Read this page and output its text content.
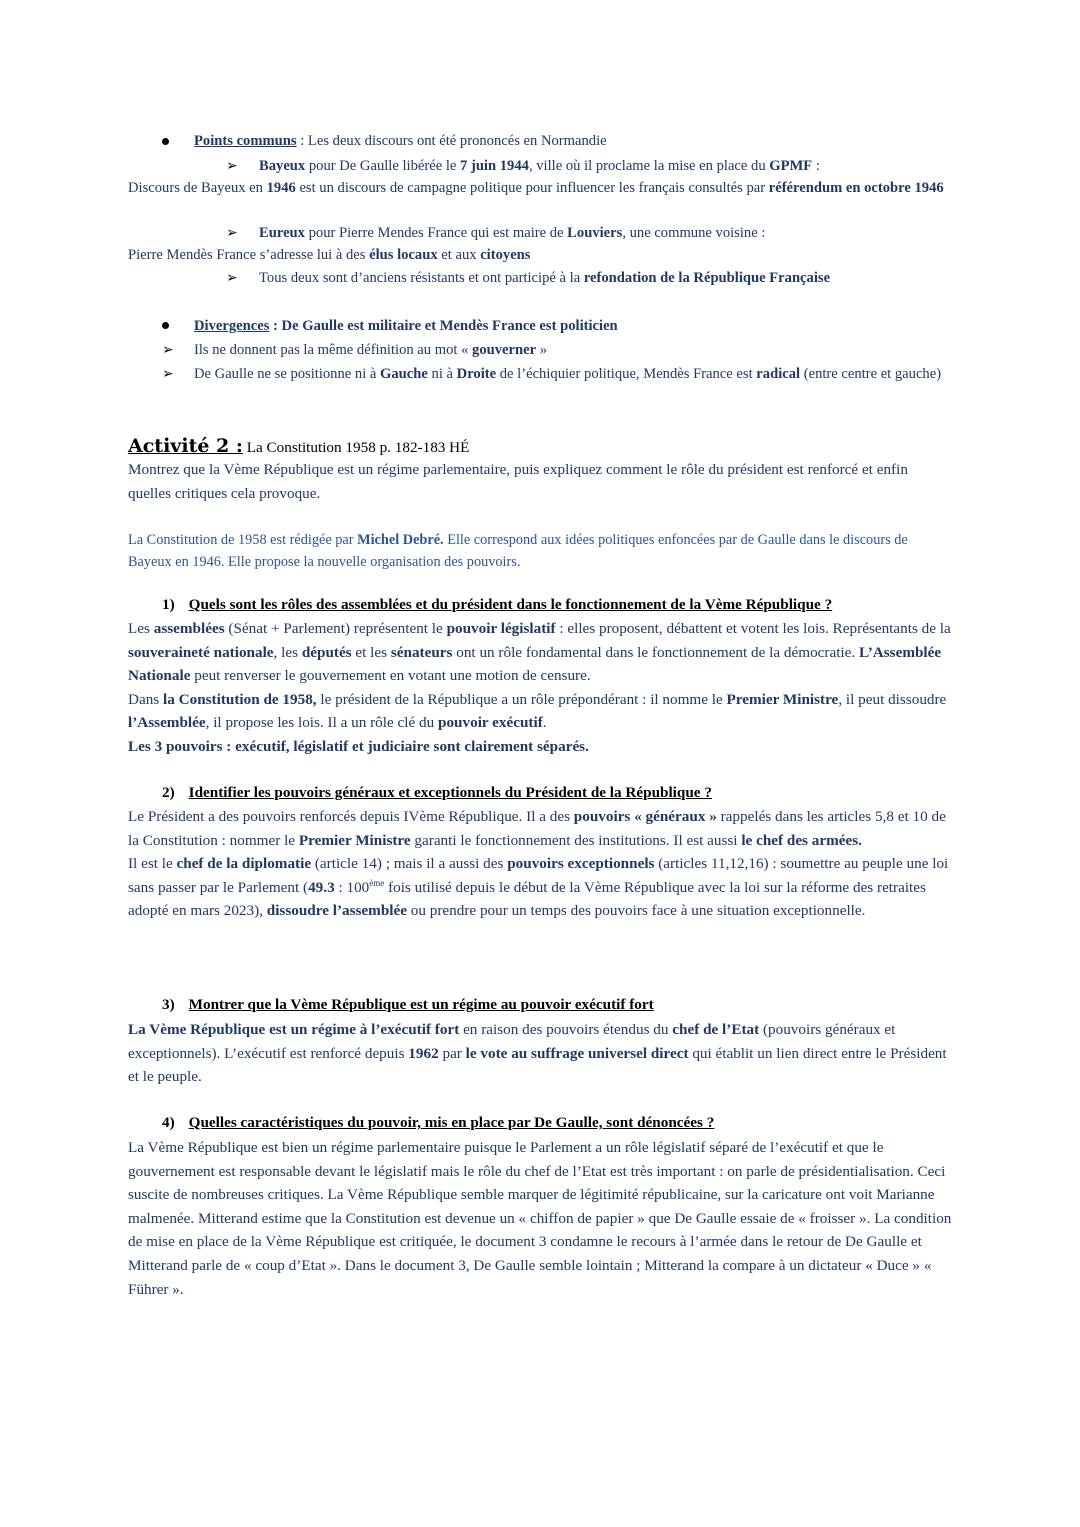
Points communs : Les deux discours ont été prononcés en Normandie
➢ Bayeux pour De Gaulle libérée le 7 juin 1944, ville où il proclame la mise en place du GPMF :
Discours de Bayeux en 1946 est un discours de campagne politique pour influencer les français consultés par référendum en octobre 1946
➢ Eureux pour Pierre Mendes France qui est maire de Louviers, une commune voisine :
Pierre Mendès France s’adresse lui à des élus locaux et aux citoyens
➢ Tous deux sont d’anciens résistants et ont participé à la refondation de la République Française
Divergences : De Gaulle est militaire et Mendès France est politicien
➢ Ils ne donnent pas la même définition au mot « gouverner »
➢ De Gaulle ne se positionne ni à Gauche ni à Droite de l’échiquier politique, Mendès France est radical (entre centre et gauche)
Activité 2 : La Constitution 1958 p. 182-183 HÉ
Montrez que la Vème République est un régime parlementaire, puis expliquez comment le rôle du président est renforcé et enfin quelles critiques cela provoque.
La Constitution de 1958 est rédigée par Michel Debré. Elle correspond aux idées politiques enfoncées par de Gaulle dans le discours de Bayeux en 1946. Elle propose la nouvelle organisation des pouvoirs.
1) Quels sont les rôles des assemblées et du président dans le fonctionnement de la Vème République ?
Les assemblées (Sénat + Parlement) représentent le pouvoir législatif : elles proposent, débattent et votent les lois. Représentants de la souveraineté nationale, les députés et les sénateurs ont un rôle fondamental dans le fonctionnement de la démocratie. L’Assemblée Nationale peut renverser le gouvernement en votant une motion de censure.
Dans la Constitution de 1958, le président de la République a un rôle prépondérant : il nomme le Premier Ministre, il peut dissoudre l’Assemblée, il propose les lois. Il a un rôle clé du pouvoir exécutif.
Les 3 pouvoirs : exécutif, législatif et judiciaire sont clairement séparés.
2) Identifier les pouvoirs généraux et exceptionnels du Président de la République ?
Le Président a des pouvoirs renforcés depuis IVème République. Il a des pouvoirs « généraux » rappelés dans les articles 5,8 et 10 de la Constitution : nommer le Premier Ministre garanti le fonctionnement des institutions. Il est aussi le chef des armées.
Il est le chef de la diplomatie (article 14) ; mais il a aussi des pouvoirs exceptionnels (articles 11,12,16) : soumettre au peuple une loi sans passer par le Parlement (49.3 : 100ème fois utilisé depuis le début de la Vème République avec la loi sur la réforme des retraites adopté en mars 2023), dissoudre l’assemblée ou prendre pour un temps des pouvoirs face à une situation exceptionnelle.
3) Montrer que la Vème République est un régime au pouvoir exécutif fort
La Vème République est un régime à l’exécutif fort en raison des pouvoirs étendus du chef de l’Etat (pouvoirs généraux et exceptionnels). L’exécutif est renforcé depuis 1962 par le vote au suffrage universel direct qui établit un lien direct entre le Président et le peuple.
4) Quelles caractéristiques du pouvoir, mis en place par De Gaulle, sont dénoncées ?
La Vème République est bien un régime parlementaire puisque le Parlement a un rôle législatif séparé de l’exécutif et que le gouvernement est responsable devant le législatif mais le rôle du chef de l’Etat est très important : on parle de présidentialisation. Ceci suscite de nombreuses critiques. La Vème République semble marquer de légitimité républicaine, sur la caricature ont voit Marianne malmenée. Mitterand estime que la Constitution est devenue un « chiffon de papier » que De Gaulle essaie de « froisser ». La condition de mise en place de la Vème République est critiquée, le document 3 condamne le recours à l’armée dans le retour de De Gaulle et Mitterand parle de « coup d’Etat ». Dans le document 3, De Gaulle semble lointain ; Mitterand la compare à un dictateur « Duce » « Führer ».
